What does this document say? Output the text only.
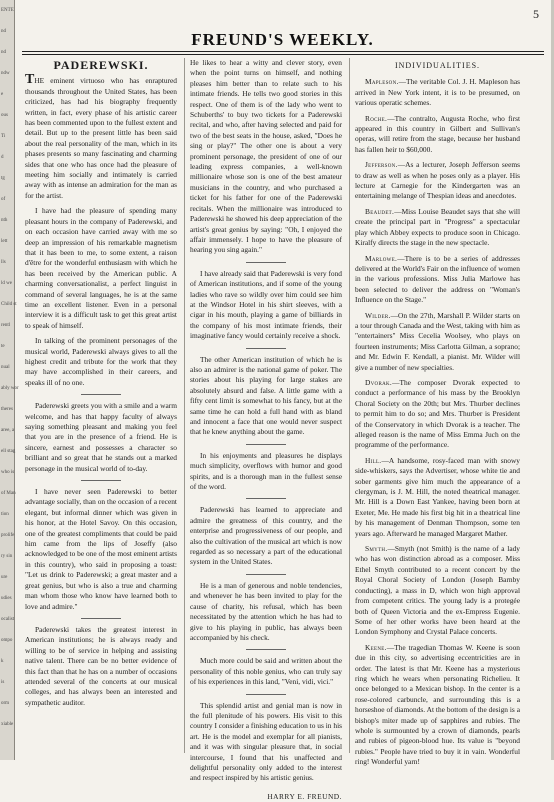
ENTE
nd
nd
ndw
e
ous
Ti
d
tg
of
nth
lett
lls
ld we
Child st
rentl
te
nual
ably wor
theres
aree, a
ell stag
who is
of Man
tion
prolife
ry sin
ure
udies
ocalist
ompo
k
is
orm
xiable
FREUND'S WEEKLY.
5
PADEREWSKI.

THE eminent virtuoso who has enraptured thousands throughout the United States, has been criticized, has had his biography frequently written, in fact, every phase of his artistic career has been commented upon to the fullest extent and detail. But up to the present little has been said about the real personality of the man, which in its phases presents so many fascinating and charming sides that one who has once had the pleasure of meeting him socially and intimately is carried away with as intense an admiration for the man as for the artist.

I have had the pleasure of spending many pleasant hours in the company of Paderewski, and on each occasion have carried away with me so deep an impression of his remarkable magnetism that it has been to me, to some extent, a raison d'être for the wonderful enthusiasm with which he has been received by the American public. A charming conversationalist, a perfect linguist in command of several languages, he is at the same time an excellent listener. Even in a personal interview it is a difficult task to get this great artist to speak of himself.

In talking of the prominent personages of the musical world, Paderewski always gives to all the highest credit and tribute for the work that they may have accomplished in their careers, and speaks ill of no one.

Paderewski greets you with a smile and a warm welcome, and has that happy faculty of always saying something pleasant and making you feel that you are in the presence of a friend. He is sincere, earnest and possesses a character so brilliant and so great that he stands out a marked personage in the musical world of to-day.

I have never seen Paderewski to better advantage socially, than on the occasion of a recent elegant, but informal dinner which was given in his honor, at the Hotel Savoy. On this occasion, one of the greatest compliments that could be paid him came from the lips of Joseffy (also acknowledged to be one of the most eminent artists in this country), who said in proposing a toast: "Let us drink to Paderewski; a great master and a great genius, but who is also a true and charming man whom those who know have learned both to love and admire."

Paderewski takes the greatest interest in American institutions; he is always ready and willing to be of service in helping and assisting native talent. There can be no better evidence of this fact than that he has on a number of occasions attended several of the concerts at our musical colleges, and has always been an interested and sympathetic auditor.

He likes to hear a witty and clever story, even when the point turns on himself, and nothing pleases him better than to relate such to his intimate friends. He tells two good stories in this respect. One of them is of the lady who went to Schuberths' to buy two tickets for a Paderewski recital, and who, after having selected and paid for two of the best seats in the house, asked, "Does he sing or play?" The other one is about a very prominent personage, the president of one of our leading express companies, a well-known millionaire whose son is one of the best amateur musicians in the country, and who purchased a ticket for his father for one of the Paderewski recitals. When the millionaire was introduced to Paderewski he showed his deep appreciation of the artist's great genius by saying: "Oh, I enjoyed the affair immensely. I hope to have the pleasure of hearing you sing again."

I have already said that Paderewski is very fond of American institutions, and if some of the young ladies who rave so wildly over him could see him at the Windsor Hotel in his shirt sleeves, with a cigar in his mouth, playing a game of billiards in the company of his most intimate friends, their imaginative fancy would certainly receive a shock.

The other American institution of which he is also an admirer is the national game of poker. The stories about his playing for large stakes are absolutely absurd and false. A little game with a fifty cent limit is somewhat to his fancy, but at the same time he can hold a full hand with as bland and innocent a face that one would never suspect that he knew anything about the game.

In his enjoyments and pleasures he displays much simplicity, overflows with humor and good spirits, and is a thorough man in the fullest sense of the word.

Paderewski has learned to appreciate and admire the greatness of this country, and the enterprise and progressiveness of our people, and also the cultivation of the musical art which is now regarded as so necessary a part of the educational system in the United States.

He is a man of generous and noble tendencies, and whenever he has been invited to play for the cause of charity, his refusal, which has been necessitated by the attention which he has had to give to his playing in public, has always been accompanied by his check.

Much more could be said and written about the personality of this noble genius, who can truly say of his experiences in this land, "Veni, vidi, vici."

This splendid artist and genial man is now in the full plenitude of his powers. His visit to this country I consider a finishing education to us in his art. He is the model and exemplar for all pianists, and it was with singular pleasure that, in social intercourse, I found that his unaffected and delightful personality only added to the interest and respect inspired by his artistic genius.

HARRY E. FREUND.
INDIVIDUALITIES.

Mapleson.—The veritable Col. J. H. Mapleson has arrived in New York intent, it is to be presumed, on various operatic schemes.

Roche.—The contralto, Augusta Roche, who first appeared in this country in Gilbert and Sullivan's operas, will retire from the stage, because her husband has fallen heir to $60,000.

Jefferson.—As a lecturer, Joseph Jefferson seems to draw as well as when he poses only as a player. His lecture at Carnegie for the Kindergarten was an entertaining melange of Thespian ideas and anecdotes.

Beaudet.—Miss Louise Beaudet says that she will create the principal part in "Progress" a spectacular play which Abbey expects to produce soon in Chicago. Kiralfy directs the stage in the new spectacle.

Marlowe.—There is to be a series of addresses delivered at the World's Fair on the influence of women in the various professions. Miss Julia Marlowe has been selected to deliver the address on "Woman's Influence on the Stage."

Wilder.—On the 27th, Marshall P. Wilder starts on a tour through Canada and the West, taking with him as "entertainers" Miss Cecelia Woolsey, who plays on fourteen instruments; Miss Carlotta Gilman, a soprano; and Mr. Edwin F. Kendall, a pianist. Mr. Wilder will give a number of new specialties.

Dvorak.—The composer Dvorak expected to conduct a performance of his mass by the Brooklyn Choral Society on the 20th; but Mrs. Thurber declines to permit him to do so; and Mrs. Thurber is President of the Conservatory in which Dvorak is a teacher. The alleged reason is the name of Miss Emma Juch on the programme of the performance.

Hill.—A handsome, rosy-faced man with snowy side-whiskers, says the Advertiser, whose white tie and sober garments give him much the appearance of a clergyman, is J. M. Hill, the noted theatrical manager. Mr. Hill is a Down East Yankee, having been born at Exeter, Me. He made his first big hit in a theatrical line by his management of Denman Thompson, some ten years ago. Afterward he managed Margaret Mather.

Smyth.—Smyth (not Smith) is the name of a lady who has won distinction abroad as a composer. Miss Ethel Smyth contributed to a recent concert by the Royal Choral Society of London (Joseph Barnby conducting), a mass in D, which won high approval from competent critics. The young lady is a protegée both of Queen Victoria and the ex-Empress Eugenie. Some of her other works have been heard at the London Symphony and Crystal Palace concerts.

Keene.—The tragedian Thomas W. Keene is soon due in this city, so advertising eccentricities are in order. The latest is that Mr. Keene has a mysterious ring which he wears when personating Richelieu. It once belonged to a Mexican bishop. In the center is a rose-colored carbuncle, and surrounding this is a horseshoe of diamonds. At the bottom of the design is a bishop's miter made up of sapphires and rubies. The whole is surmounted by a crown of diamonds, pearls and rubies of pigeon-blood hue. Its value is "beyond rubies." People have tried to buy it in vain. Wonderful ring! Wonderful yarn!
